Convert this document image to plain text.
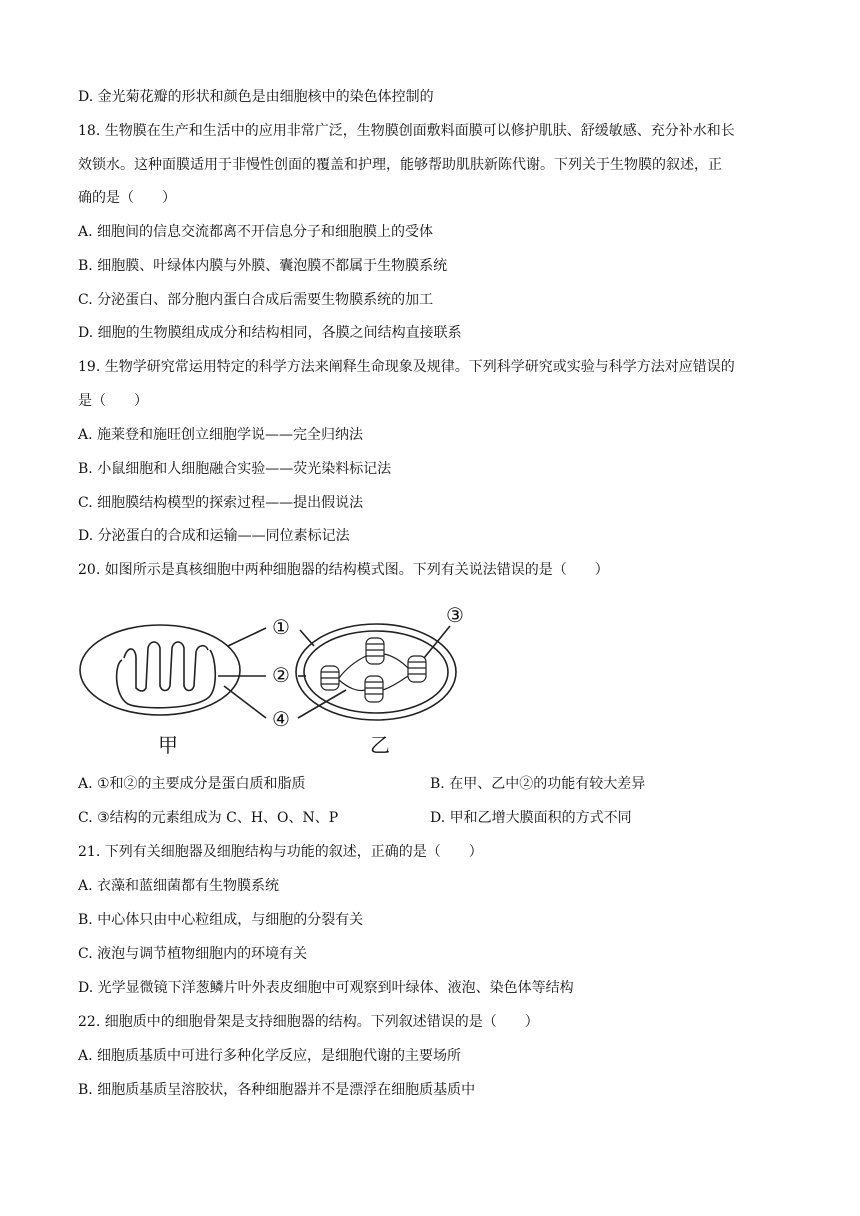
D. 金光菊花瓣的形状和颜色是由细胞核中的染色体控制的
18. 生物膜在生产和生活中的应用非常广泛，生物膜创面敷料面膜可以修护肌肤、舒缓敏感、充分补水和长
效锁水。这种面膜适用于非慢性创面的覆盖和护理，能够帮助肌肤新陈代谢。下列关于生物膜的叙述，正
确的是（　　）
A. 细胞间的信息交流都离不开信息分子和细胞膜上的受体
B. 细胞膜、叶绿体内膜与外膜、囊泡膜不都属于生物膜系统
C. 分泌蛋白、部分胞内蛋白合成后需要生物膜系统的加工
D. 细胞的生物膜组成成分和结构相同，各膜之间结构直接联系
19. 生物学研究常运用特定的科学方法来阐释生命现象及规律。下列科学研究或实验与科学方法对应错误的
是（　　）
A. 施莱登和施旺创立细胞学说——完全归纳法
B. 小鼠细胞和人细胞融合实验——荧光染料标记法
C. 细胞膜结构模型的探索过程——提出假说法
D. 分泌蛋白的合成和运输——同位素标记法
20. 如图所示是真核细胞中两种细胞器的结构模式图。下列有关说法错误的是（　　）
①
②
④
③
甲	乙
A. ①和②的主要成分是蛋白质和脂质	B. 在甲、乙中②的功能有较大差异
C. ③结构的元素组成为 C、H、O、N、P	D. 甲和乙增大膜面积的方式不同
21. 下列有关细胞器及细胞结构与功能的叙述，正确的是（　　）
A. 衣藻和蓝细菌都有生物膜系统
B. 中心体只由中心粒组成，与细胞的分裂有关
C. 液泡与调节植物细胞内的环境有关
D. 光学显微镜下洋葱鳞片叶外表皮细胞中可观察到叶绿体、液泡、染色体等结构
22. 细胞质中的细胞骨架是支持细胞器的结构。下列叙述错误的是（　　）
A. 细胞质基质中可进行多种化学反应，是细胞代谢的主要场所
B. 细胞质基质呈溶胶状，各种细胞器并不是漂浮在细胞质基质中
